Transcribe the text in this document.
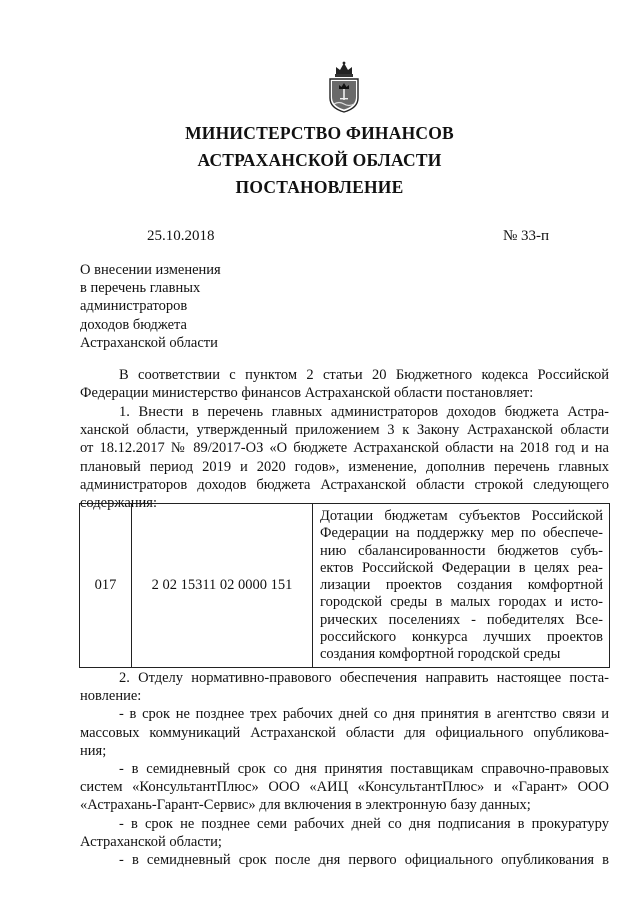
МИНИСТЕРСТВО ФИНАНСОВ
АСТРАХАНСКОЙ ОБЛАСТИ
ПОСТАНОВЛЕНИЕ
25.10.2018	№ 33-п
О внесении изменения
в перечень главных
администраторов
доходов бюджета
Астраханской области
В соответствии с пунктом 2 статьи 20 Бюджетного кодекса Российской
Федерации министерство финансов Астраханской области постановляет:
1. Внести в перечень главных администраторов доходов бюджета Астра-
ханской области, утвержденный приложением 3 к Закону Астраханской области
от 18.12.2017 № 89/2017-ОЗ «О бюджете Астраханской области на 2018 год и на
плановый период 2019 и 2020 годов», изменение, дополнив перечень главных
администраторов доходов бюджета Астраханской области строкой следующего
содержания:
017	2 02 15311 02 0000 151	
Дотации бюджетам субъектов Российской
Федерации на поддержку мер по обеспече-
нию сбалансированности бюджетов субъ-
ектов Российской Федерации в целях реа-
лизации проектов создания комфортной
городской среды в малых городах и исто-
рических поселениях - победителях Все-
российского конкурса лучших проектов
создания комфортной городской среды
2. Отделу нормативно-правового обеспечения направить настоящее поста-
новление:
- в срок не позднее трех рабочих дней со дня принятия в агентство связи и
массовых коммуникаций Астраханской области для официального опубликова-
ния;
- в семидневный срок со дня принятия поставщикам справочно-правовых
систем «КонсультантПлюс» ООО «АИЦ «КонсультантПлюс» и «Гарант» ООО
«Астрахань-Гарант-Сервис» для включения в электронную базу данных;
- в срок не позднее семи рабочих дней со дня подписания в прокуратуру
Астраханской области;
- в семидневный срок после дня первого официального опубликования в
